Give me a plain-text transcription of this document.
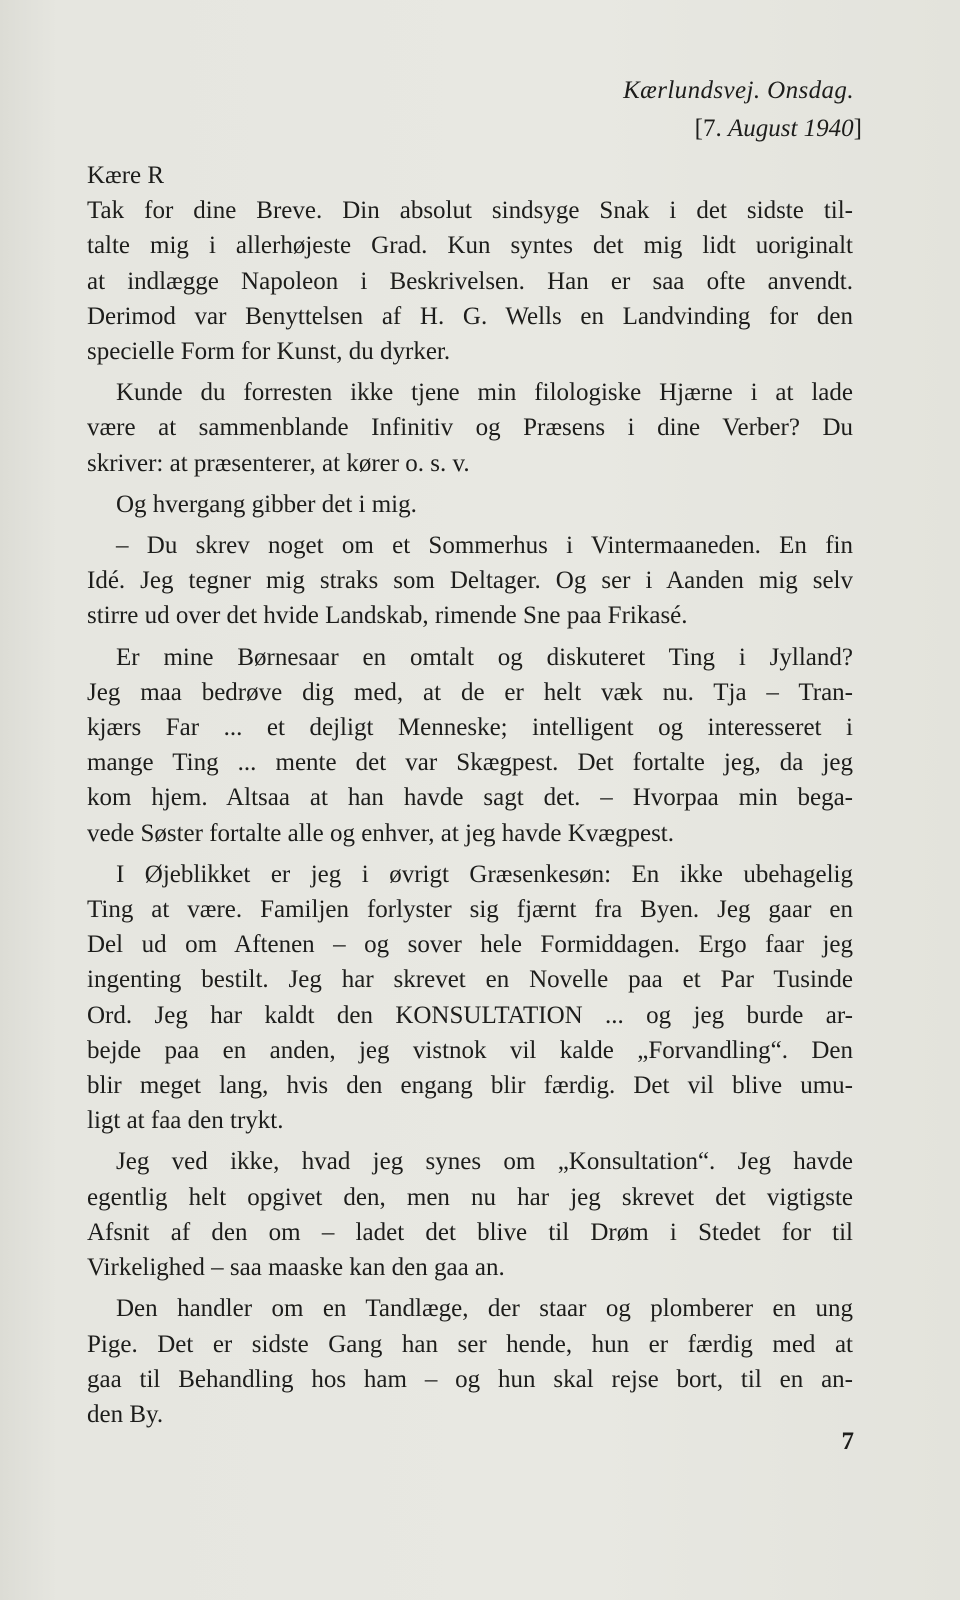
Kærlundsvej. Onsdag.
[7. August 1940]
Kære R
Tak for dine Breve. Din absolut sindsyge Snak i det sidste til-
talte mig i allerhøjeste Grad. Kun syntes det mig lidt uoriginalt
at indlægge Napoleon i Beskrivelsen. Han er saa ofte anvendt.
Derimod var Benyttelsen af H. G. Wells en Landvinding for den
specielle Form for Kunst, du dyrker.
Kunde du forresten ikke tjene min filologiske Hjærne i at lade
være at sammenblande Infinitiv og Præsens i dine Verber? Du
skriver: at præsenterer, at kører o. s. v.
Og hvergang gibber det i mig.
– Du skrev noget om et Sommerhus i Vintermaaneden. En fin
Idé. Jeg tegner mig straks som Deltager. Og ser i Aanden mig selv
stirre ud over det hvide Landskab, rimende Sne paa Frikasé.
Er mine Børnesaar en omtalt og diskuteret Ting i Jylland?
Jeg maa bedrøve dig med, at de er helt væk nu. Tja – Tran-
kjærs Far ... et dejligt Menneske; intelligent og interesseret i
mange Ting ... mente det var Skægpest. Det fortalte jeg, da jeg
kom hjem. Altsaa at han havde sagt det. – Hvorpaa min bega-
vede Søster fortalte alle og enhver, at jeg havde Kvægpest.
I Øjeblikket er jeg i øvrigt Græsenkesøn: En ikke ubehagelig
Ting at være. Familjen forlyster sig fjærnt fra Byen. Jeg gaar en
Del ud om Aftenen – og sover hele Formiddagen. Ergo faar jeg
ingenting bestilt. Jeg har skrevet en Novelle paa et Par Tusinde
Ord. Jeg har kaldt den KONSULTATION ... og jeg burde ar-
bejde paa en anden, jeg vistnok vil kalde „Forvandling“. Den
blir meget lang, hvis den engang blir færdig. Det vil blive umu-
ligt at faa den trykt.
Jeg ved ikke, hvad jeg synes om „Konsultation“. Jeg havde
egentlig helt opgivet den, men nu har jeg skrevet det vigtigste
Afsnit af den om – ladet det blive til Drøm i Stedet for til
Virkelighed – saa maaske kan den gaa an.
Den handler om en Tandlæge, der staar og plomberer en ung
Pige. Det er sidste Gang han ser hende, hun er færdig med at
gaa til Behandling hos ham – og hun skal rejse bort, til en an-
den By.
7
